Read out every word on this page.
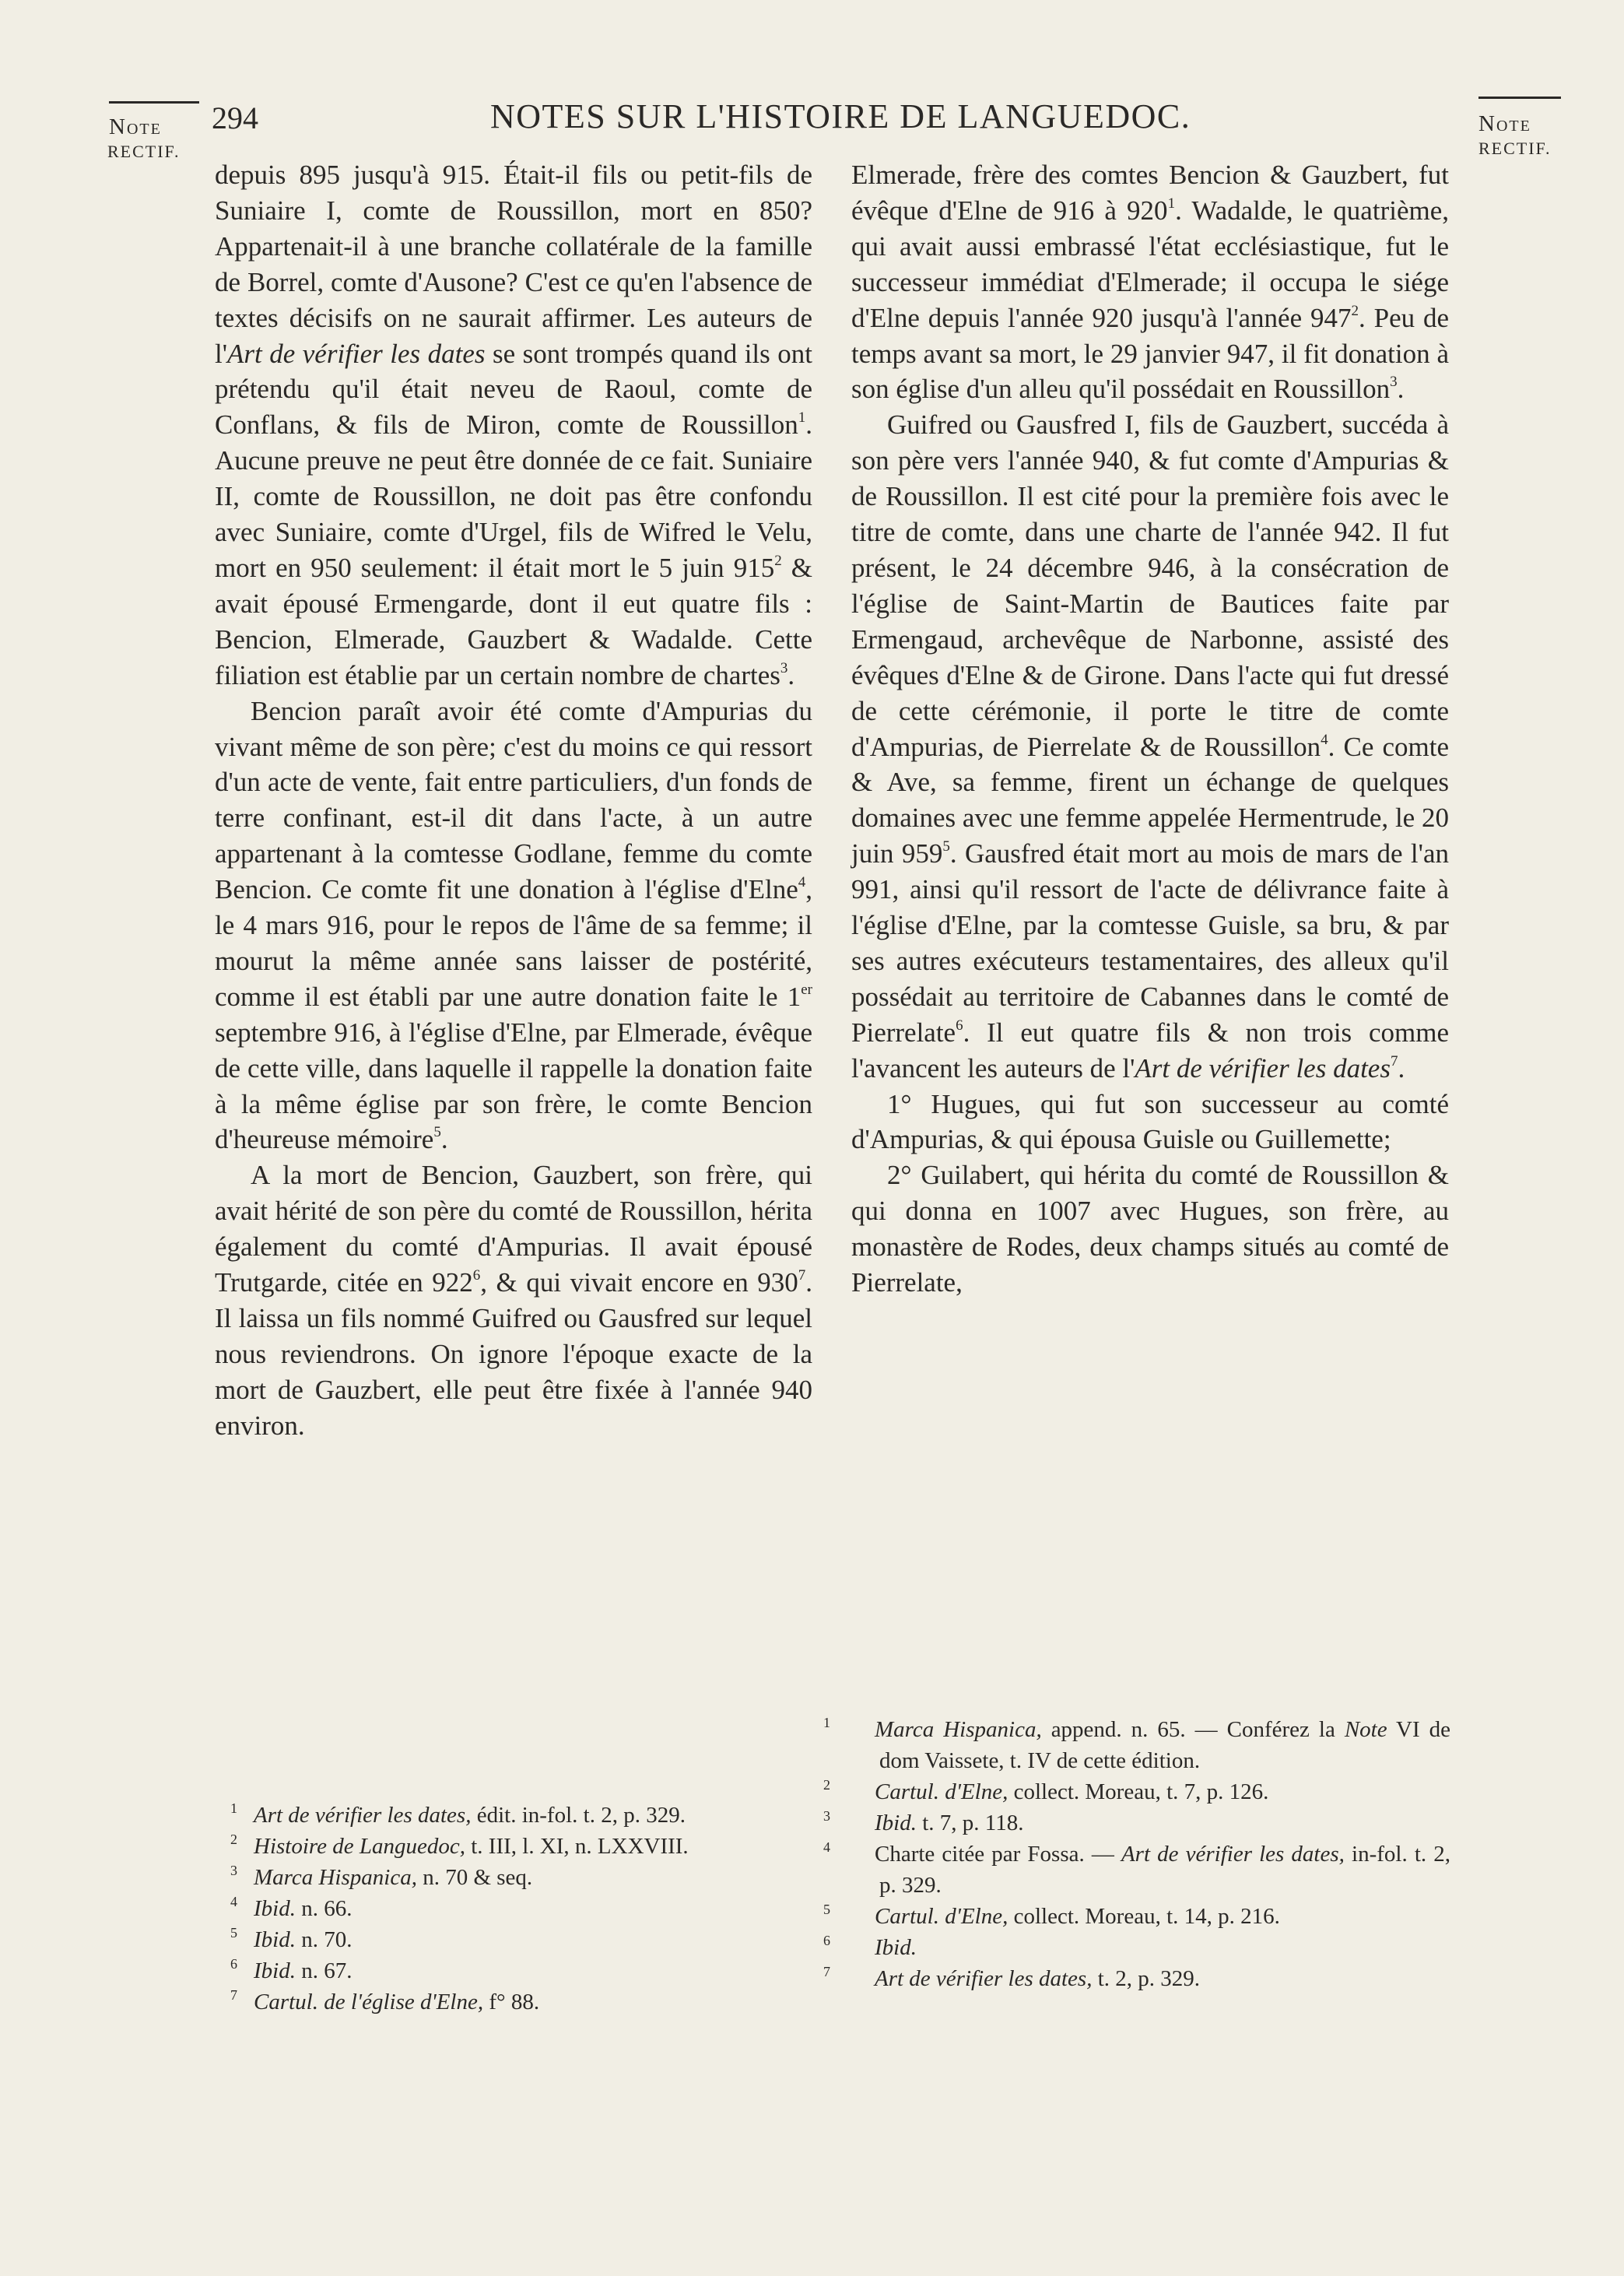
Note
RECTIF.
294	NOTES SUR L'HISTOIRE DE LANGUEDOC.	Note
RECTIF.

depuis 895 jusqu'à 915. Était-il fils ou petit-fils de Suniaire I, comte de Roussillon, mort en 850? Appartenait-il à une branche collatérale de la famille de Borrel, comte d'Ausone? C'est ce qu'en l'absence de textes décisifs on ne saurait affirmer. Les auteurs de l'Art de vérifier les dates se sont trompés quand ils ont prétendu qu'il était neveu de Raoul, comte de Conflans, & fils de Miron, comte de Roussillon$^1$. Aucune preuve ne peut être donnée de ce fait. Suniaire II, comte de Roussillon, ne doit pas être confondu avec Suniaire, comte d'Urgel, fils de Wifred le Velu, mort en 950 seulement: il était mort le 5 juin $915^2$ & avait épousé Ermengarde, dont il eut quatre fils : Bencion, Elmerade, Gauzbert & Wadalde. Cette filiation est établie par un certain nombre de chartes$^3$.

Bencion paraît avoir été comte d'Ampurias du vivant même de son père; c'est du moins ce qui ressort d'un acte de vente, fait entre particuliers, d'un fonds de terre confinant, est-il dit dans l'acte, à un autre appartenant à la comtesse Godlane, femme du comte Bencion. Ce comte fit une donation à l'église d'Elne$^4$, le 4 mars 916, pour le repos de l'âme de sa femme; il mourut la même année sans laisser de postérité, comme il est établi par une autre donation faite le 1er septembre 916, à l'église d'Elne, par Elmerade, évêque de cette ville, dans laquelle il rappelle la donation faite à la même église par son frère, le comte Bencion d'heureuse mémoire$^5$.

A la mort de Bencion, Gauzbert, son frère, qui avait hérité de son père du comté de Roussillon, hérita également du comté d'Ampurias. Il avait épousé Trutgarde, citée en $922^6$, & qui vivait encore en $930^7$. Il laissa un fils nommé Guifred ou Gausfred sur lequel nous reviendrons. On ignore l'époque exacte de la mort de Gauzbert, elle peut être fixée à l'année 940 environ.

Elmerade, frère des comtes Bencion & Gauzbert, fut évêque d'Elne de 916 à $920^1$. Wadalde, le quatrième, qui avait aussi embrassé l'état ecclésiastique, fut le successeur immédiat d'Elmerade; il occupa le siége d'Elne depuis l'année 920 jusqu'à l'année $947^2$. Peu de temps avant sa mort, le 29 janvier 947, il fit donation à son église d'un alleu qu'il possédait en Roussillon$^3$.

Guifred ou Gausfred I, fils de Gauzbert, succéda à son père vers l'année 940, & fut comte d'Ampurias & de Roussillon. Il est cité pour la première fois avec le titre de comte, dans une charte de l'année 942. Il fut présent, le 24 décembre 946, à la consécration de l'église de Saint-Martin de Bautices faite par Ermengaud, archevêque de Narbonne, assisté des évêques d'Elne & de Girone. Dans l'acte qui fut dressé de cette cérémonie, il porte le titre de comte d'Ampurias, de Pierrelate & de Roussillon$^4$. Ce comte & Ave, sa femme, firent un échange de quelques domaines avec une femme appelée Hermentrude, le 20 juin $959^5$. Gausfred était mort au mois de mars de l'an 991, ainsi qu'il ressort de l'acte de délivrance faite à l'église d'Elne, par la comtesse Guisle, sa bru, & par ses autres exécuteurs testamentaires, des alleux qu'il possédait au territoire de Cabannes dans le comté de Pierrelate$^6$. Il eut quatre fils & non trois comme l'avancent les auteurs de l'Art de vérifier les dates$^7$.

1° Hugues, qui fut son successeur au comté d'Ampurias, & qui épousa Guisle ou Guillemette;

2° Guilabert, qui hérita du comté de Roussillon & qui donna en 1007 avec Hugues, son frère, au monastère de Rodes, deux champs situés au comté de Pierrelate,

1 Art de vérifier les dates, édit. in-fol. t. 2, p. 329.
2 Histoire de Languedoc, t. III, l. XI, n. LXXVIII.
3 Marca Hispanica, n. 70 & seq.
4 Ibid. n. 66.
5 Ibid. n. 70.
6 Ibid. n. 67.
7 Cartul. de l'église d'Elne, f° 88.
1 Marca Hispanica, append. n. 65. — Conférez la Note VI de dom Vaissete, t. IV de cette édition.
2 Cartul. d'Elne, collect. Moreau, t. 7, p. 126.
3 Ibid. t. 7, p. 118.
4 Charte citée par Fossa. — Art de vérifier les dates, in-fol. t. 2, p. 329.
5 Cartul. d'Elne, collect. Moreau, t. 14, p. 216.
6 Ibid.
7 Art de vérifier les dates, t. 2, p. 329.
